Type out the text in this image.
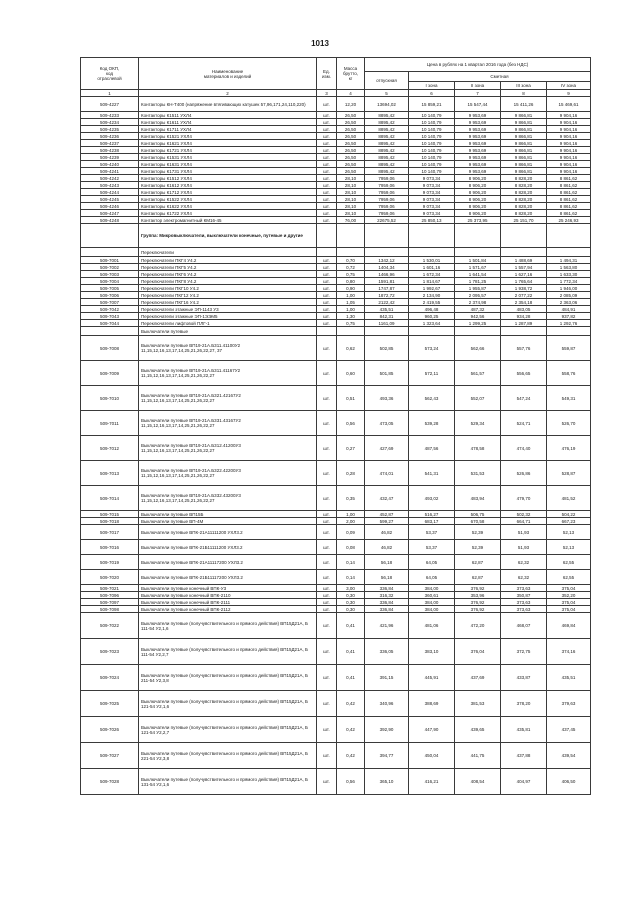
1013
Код ОКП,
код
отраслевой	Наименование
материалов и изделий	Ед.
изм.	Масса
брутто,
кг	Цена в рублях на 1 квартал 2016 года (без НДС)				
				отпускная	Сметная			
					I зона	II зона	III зона	IV зона
1	2	3	4	5	6	7	8	9
509-4227	Контакторы КН-Т400 (напряжение втягивающих катушек 57,96,171,24,110,220)	шт.	12,20	13694,02	15 859,21	15 547,44	15 411,26	15 469,61
509-4233	Контакторы К1511 УХЛ4	шт.	26,50	8895,42	10 140,79	9 953,69	9 866,81	9 904,16
509-4234	Контакторы К1611 УХЛ4	шт.	26,50	8895,42	10 140,79	9 953,69	9 866,81	9 904,16
509-4235	Контакторы К1711 УХЛ4	шт.	26,50	8895,42	10 140,79	9 953,69	9 866,81	9 904,16
509-4236	Контакторы К1521 УХЛ4	шт.	26,50	8895,42	10 140,79	9 953,69	9 866,81	9 904,16
509-4237	Контакторы К1621 УХЛ4	шт.	26,50	8895,42	10 140,79	9 953,69	9 866,81	9 904,16
509-4238	Контакторы К1721 УХЛ4	шт.	26,50	8895,42	10 140,79	9 953,69	9 866,81	9 904,16
509-4239	Контакторы К1531 УХЛ4	шт.	26,50	8895,42	10 140,79	9 953,69	9 866,81	9 904,16
509-4240	Контакторы К1631 УХЛ4	шт.	26,50	8895,42	10 140,79	9 953,69	9 866,81	9 904,16
509-4241	Контакторы К1731 УХЛ4	шт.	26,50	8895,42	10 140,79	9 953,69	9 866,81	9 904,16
509-4242	Контакторы К1512 УХЛ4	шт.	28,10	7959,06	9 073,34	8 906,20	8 828,20	8 861,62
509-4243	Контакторы К1612 УХЛ4	шт.	28,10	7959,06	9 073,34	8 906,20	8 828,20	8 861,62
509-4244	Контакторы К1712 УХЛ4	шт.	28,10	7959,06	9 073,34	8 906,20	8 828,20	8 861,62
509-4245	Контакторы К1522 УХЛ4	шт.	28,10	7959,06	9 073,34	8 906,20	8 828,20	8 861,62
509-4246	Контакторы К1622 УХЛ4	шт.	28,10	7959,06	9 073,34	8 906,20	8 828,20	8 861,62
509-4247	Контакторы К1722 УХЛ4	шт.	28,10	7959,06	9 073,34	8 906,20	8 828,20	8 861,62
509-4248	Контактор электромагнитный КМ16-45	шт.	76,00	22675,52	25 850,13	25 373,95	25 151,70	25 246,93
	Группа: Микровыключатели, выключатели конечные, путевые и другие							
	Переключатели							
509-7001	Переключатели ПКГ4 У4.2	шт.	0,70	1342,12	1 530,01	1 501,84	1 488,69	1 494,31
509-7002	Переключатели ПКГ5 У4.2	шт.	0,72	1404,34	1 601,16	1 571,67	1 557,94	1 563,80
509-7003	Переключатели ПКГ6 У4.2	шт.	0,75	1466,96	1 672,34	1 641,54	1 627,16	1 633,30
509-7004	Переключатели ПКГ8 У4.2	шт.	0,80	1591,81	1 814,67	1 781,25	1 765,64	1 772,34
509-7005	Переключатели ПКГ10 У4.2	шт.	0,90	1747,87	1 992,67	1 955,87	1 938,72	1 946,00
509-7006	Переключатели ПКГ12 У4.2	шт.	1,00	1872,72	2 134,90	2 095,57	2 077,22	2 085,09
509-7007	Переключатели ПКГ16 У4.2	шт.	1,05	2122,42	2 419,55	2 374,98	2 354,18	2 363,06
509-7042	Переключатели этажные ЭП-1143 У3	шт.	1,00	435,51	496,48	487,32	483,05	484,91
509-7043	Переключатели этажные ЭП-1ЭЭМ5	шт.	1,30	842,31	960,25	942,56	934,28	937,82
509-7044	Переключатели лифтовой ПЛГ-1	шт.	0,75	1161,09	1 323,64	1 299,25	1 287,89	1 292,76
	Выключатели путевые							
509-7008	Выключатели путевые ВП19-21А.Б311.41100У2 11,15,12,16,13,17,14,25,21,26,22,27, 37	шт.	0,62	502,85	573,24	562,66	557,76	559,87
509-7009	Выключатели путевые ВП19-21А.Б311.41167У2 11,15,12,16,13,17,14,25,21,26,22,27	шт.	0,60	501,85	572,11	561,57	556,65	558,76
509-7010	Выключатели путевые ВП19-21А.Б321.42167У2 11,15,12,16,13,17,14,25,21,26,22,27	шт.	0,51	493,36	562,43	552,07	547,24	549,31
509-7011	Выключатели путевые ВП19-21А.Б331.43167У2 11,15,12,16,13,17,14,25,21,26,22,27	шт.	0,56	473,05	539,28	529,34	524,71	526,70
509-7012	Выключатели путевые ВП19-21А.Б312.41200У3 11,15,12,16,13,17,14,25,21,26,22,27	шт.	0,27	427,69	487,56	478,58	474,40	476,19
509-7013	Выключатели путевые ВП19-21А.Б322.42200У3 11,15,12,16,13,17,14,25,21,26,22,27	шт.	0,28	474,01	541,31	531,53	526,86	528,87
509-7014	Выключатели путевые ВП19-21А.Б332.43200У3 11,15,12,16,13,17,14,25,21,26,22,27	шт.	0,35	432,47	493,02	483,94	479,70	481,52
509-7015	Выключатели путевые ВП15Б	шт.	1,00	452,87	516,27	506,75	502,32	504,22
509-7018	Выключатели путевые ВП-4М	шт.	2,00	599,27	683,17	670,58	664,71	667,23
509-7017	Выключатели путевые ВПК-21А11111200 УХЛ3.2	шт.	0,09	46,82	53,37	52,39	51,93	52,13
509-7016	Выключатели путевые ВПК-21Б11111200 УХЛ3.2	шт.	0,08	46,82	53,37	52,39	51,93	52,13
509-7019	Выключатели путевые ВПК-21А11117200 УХЛ3.2	шт.	0,14	56,18	64,05	62,87	62,32	62,55
509-7020	Выключатели путевые ВПК-21Б11117200 УХЛ3.2	шт.	0,14	56,18	64,05	62,87	62,32	62,55
509-7021	Выключатели путевые конечный ВПК-У3	шт.	3,00	336,84	384,00	376,92	373,63	375,04
509-7096	Выключатели путевые конечный ВПК-2110	шт.	0,30	316,32	360,61	353,96	350,87	352,20
509-7097	Выключатели путевые конечный ВПК-2111	шт.	0,30	336,84	384,00	376,92	373,63	375,04
509-7098	Выключатели путевые конечный ВПК-2112	шт.	0,30	336,84	384,00	376,92	373,63	375,04
509-7022	Выключатели путевые (получувствительного и прямого действия) ВП15Д21А, Б 111-54 У2,1,6	шт.	0,41	421,96	481,06	472,20	468,07	469,84
509-7023	Выключатели путевые (получувствительного и прямого действия) ВП15Д21А, Б 111-54 У2,2,7	шт.	0,41	336,05	383,10	376,04	372,75	374,16
509-7024	Выключатели путевые (получувствительного и прямого действия) ВП15Д21А, Б 211-54 У2,3,8	шт.	0,41	391,15	445,91	437,69	433,87	435,51
509-7025	Выключатели путевые (получувствительного и прямого действия) ВП15Д21А, Б 121-54 У2,1,6	шт.	0,42	340,96	388,69	381,53	378,20	379,63
509-7026	Выключатели путевые (получувствительного и прямого действия) ВП15Д21А, Б 121-54 У2,2,7	шт.	0,42	392,90	447,90	439,65	435,81	437,45
509-7027	Выключатели путевые (получувствительного и прямого действия) ВП15Д21А, Б 221-54 У2,3,8	шт.	0,42	394,77	450,04	441,75	437,88	439,54
509-7028	Выключатели путевые (получувствительного и прямого действия) ВП15Д21А, Б 131-54 У2,1,6	шт.	0,56	365,10	416,21	408,54	404,97	406,50
